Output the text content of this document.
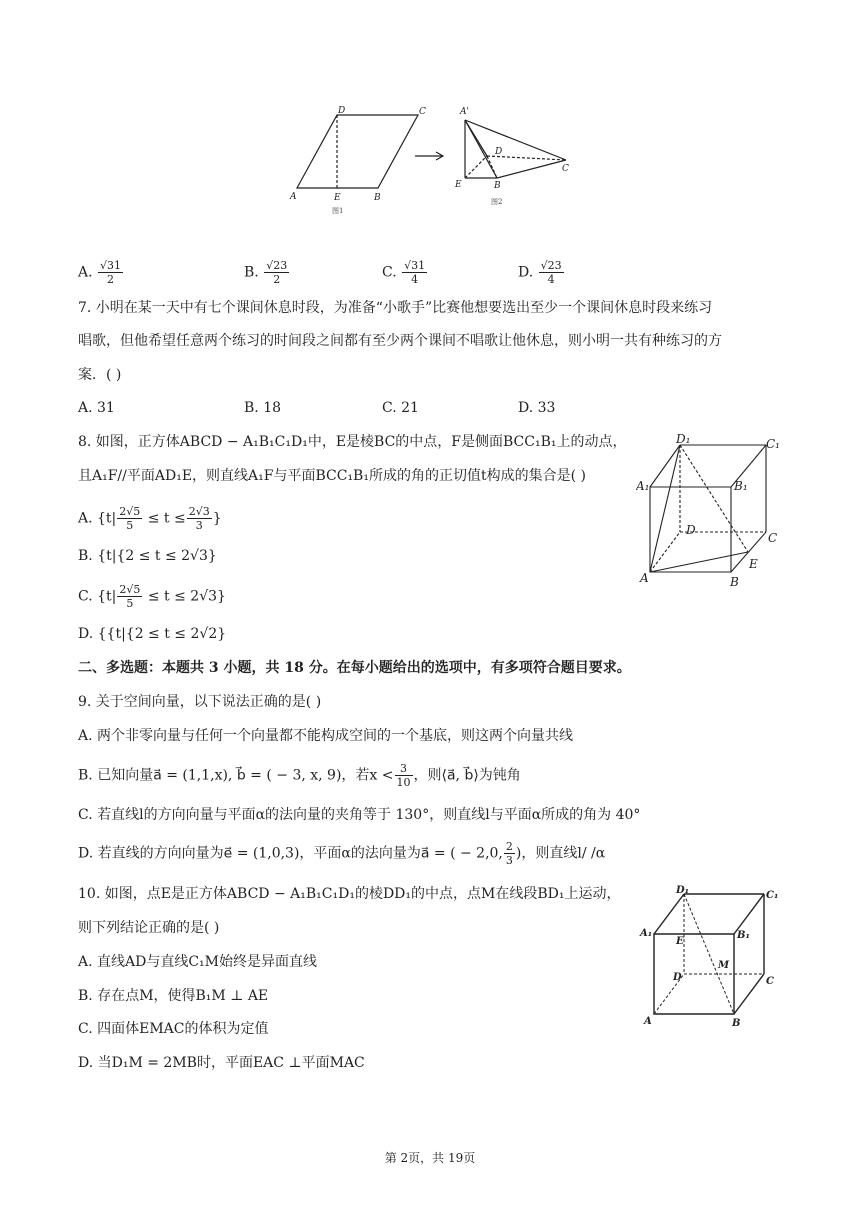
A	E	B
C
D	A'
D
C
E	B
图1
图2
A. $\frac{√31}{2}$	B. $\frac{√23}{2}$	C. $\frac{√31}{4}$	D. $\frac{√23}{4}$
7. 小明在某一天中有七个课间休息时段，为准备“小歌手”比赛他想要选出至少一个课间休息时段来练习
唱歌，但他希望任意两个练习的时间段之间都有至少两个课间不唱歌让他休息，则小明一共有种练习的方
案．( )
A. 31	B. 18	C. 21	D. 33
8. 如图，正方体ABCD − A₁B₁C₁D₁中，E是棱BC的中点，F是侧面BCC₁B₁上的动点，
且A₁F//平面AD₁E，则直线A₁F与平面BCC₁B₁所成的角的正切值t构成的集合是( )
A. {$t| \frac{2√5}{5} \le t \le \frac{2√3}{3}$ }
B. {t|{2 ≤ t ≤ 2√3}
C. $\{t| \frac{2√5}{5} \le t \le 2√3\}$
D. {{t|{2 ≤ t ≤ 2√2}
D₁	C₁
A₁	B₁
D
C
A	B
E
二、多选题：本题共 3 小题，共 18 分。在每小题给出的选项中，有多项符合题目要求。
9. 关于空间向量，以下说法正确的是( )
A. 两个非零向量与任何一个向量都不能构成空间的一个基底，则这两个向量共线
B. 已知向量a⃗ = (1,1,x), b⃗ = ( − 3, x, 9)，若$x < \frac{3}{10}$ ，则⟨a⃗, b⃗⟩为钝角
C. 若直线l的方向向量与平面α的法向量的夹角等于 130°，则直线l与平面α所成的角为 40°
D. 若直线的方向向量为e⃗ = (1,0,3)，平面α的法向量为a⃗ = ( − 2,0, $\frac{2}{3}$ )，则直线l/ /α
10. 如图，点E是正方体ABCD − A₁B₁C₁D₁的棱DD₁的中点，点M在线段BD₁上运动，
则下列结论正确的是( )
A. 直线AD与直线C₁M始终是异面直线
B. 存在点M，使得B₁M ⊥ AE
C. 四面体EMAC的体积为定值
D. 当D₁M = 2MB时，平面EAC ⊥平面MAC
D₁	C₁
A₁
E
B₁
D
M
C
A	B
第 2页，共 19页
